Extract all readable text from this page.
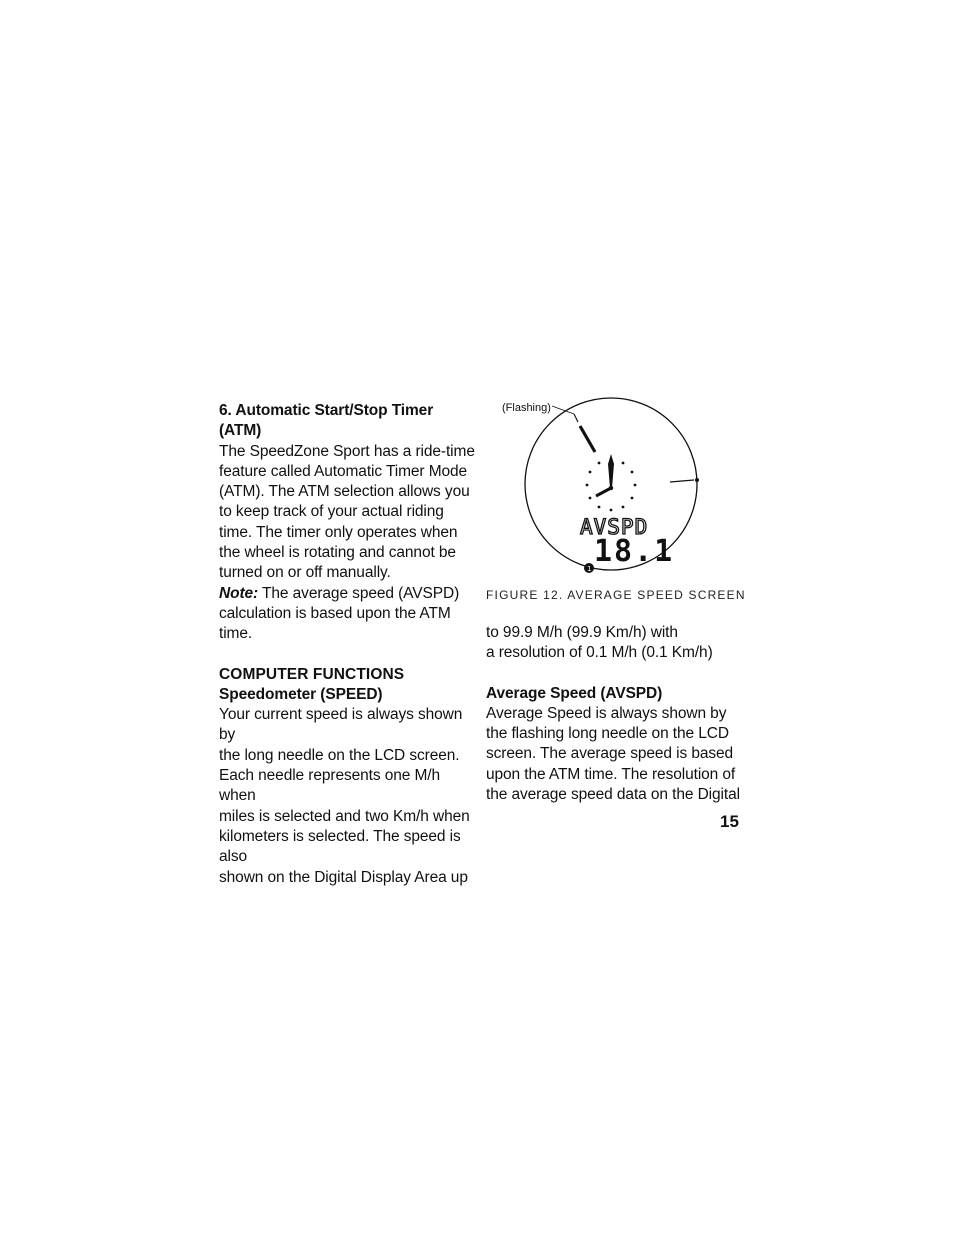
6. Automatic Start/Stop Timer (ATM)

The SpeedZone Sport has a ride-time

feature called Automatic Timer Mode

(ATM). The ATM selection allows you

to keep track of your actual riding

time. The timer only operates when

the wheel is rotating and cannot be

turned on or off manually.

Note: The average speed (AVSPD)

calculation is based upon the ATM

time.

COMPUTER FUNCTIONS

Speedometer (SPEED)

Your current speed is always shown by

the long needle on the LCD screen.

Each needle represents one M/h when

miles is selected and two Km/h when

kilometers is selected. The speed is also

shown on the Digital Display Area up

(Flashing)
AVSPD
18.1
1
FIGURE 12. AVERAGE SPEED SCREEN

to 99.9 M/h (99.9 Km/h) with

a resolution of 0.1 M/h (0.1 Km/h)

Average Speed (AVSPD)

Average Speed is always shown by

the flashing long needle on the LCD

screen. The average speed is based

upon the ATM time. The resolution of

the average speed data on the Digital

15
